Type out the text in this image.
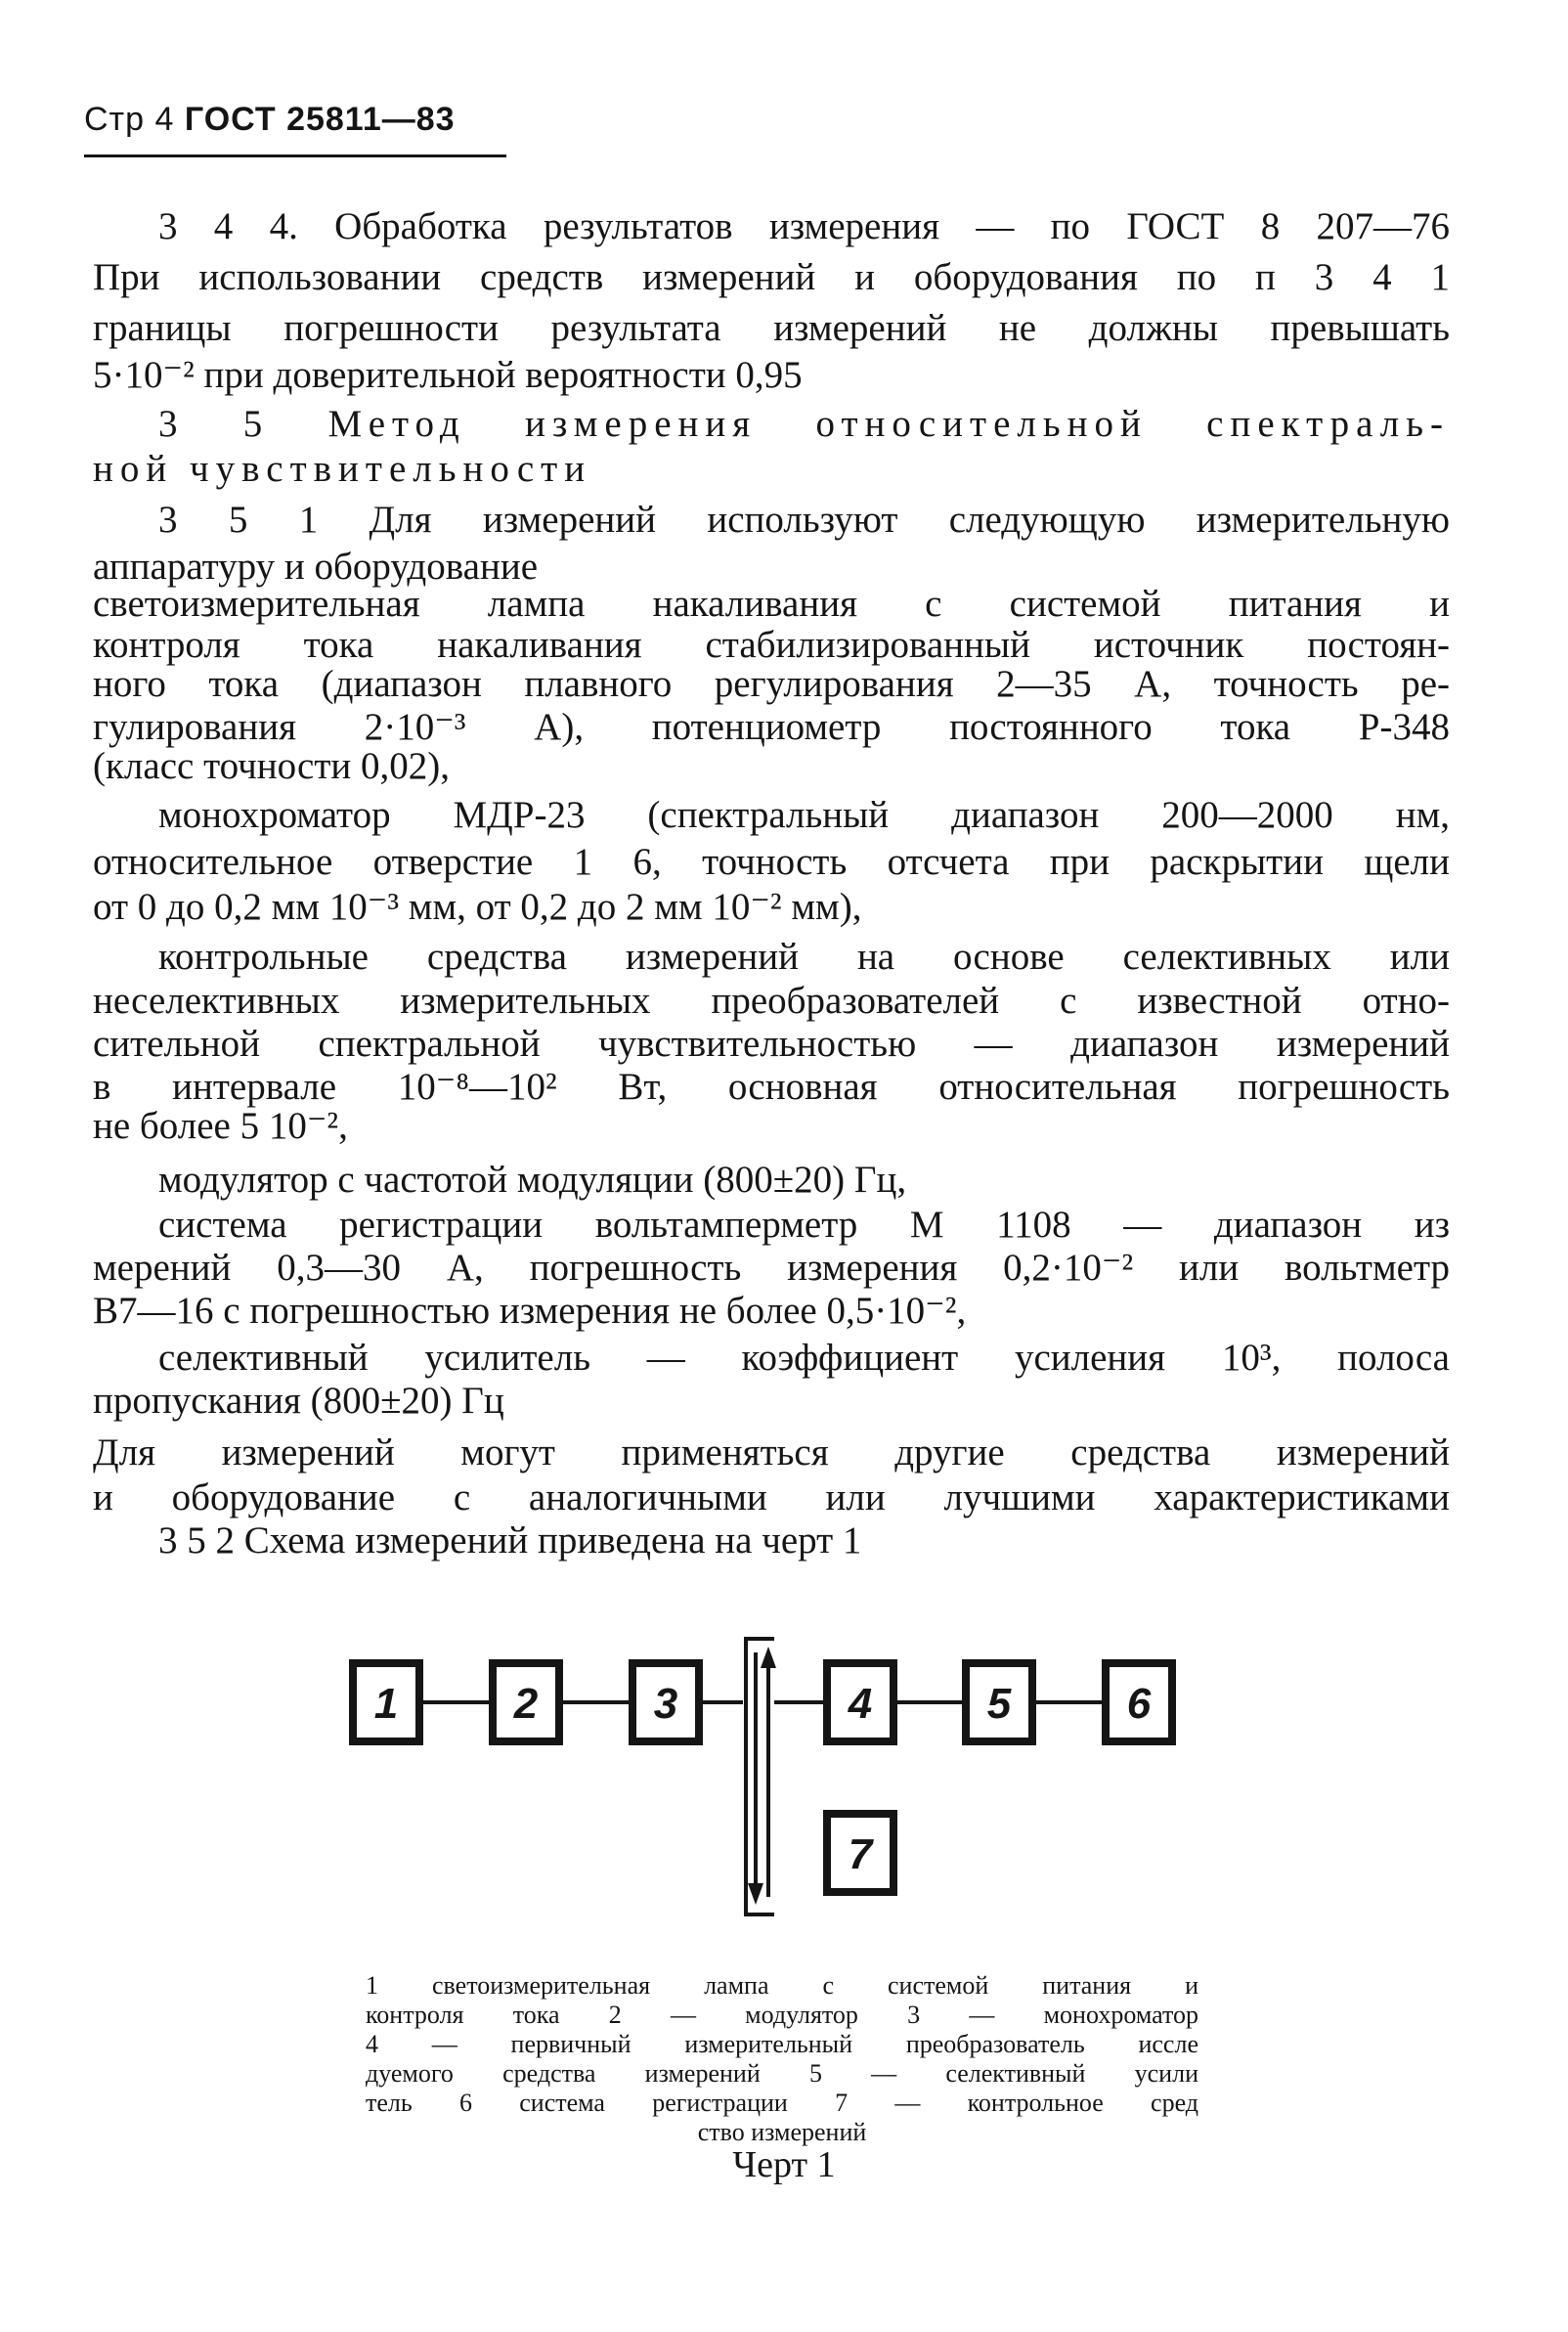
Стр 4 ГОСТ 25811—83
3 4 4. Обработка результатов измерения — по ГОСТ 8 207—76
При использовании средств измерений и оборудования по п 3 4 1
границы погрешности результата измерений не должны превышать
5·10⁻² при доверительной вероятности 0,95
3 5 Метод измерения относительной спектраль-
ной чувствительности
3 5 1 Для измерений используют следующую измерительную
аппаратуру и оборудование
светоизмерительная лампа накаливания с системой питания и
контроля тока накаливания стабилизированный источник постоян-
ного тока (диапазон плавного регулирования 2—35 А, точность ре-
гулирования 2·10⁻³ А), потенциометр постоянного тока Р-348
(класс точности 0,02),
монохроматор МДР-23 (спектральный диапазон 200—2000 нм,
относительное отверстие 1 6, точность отсчета при раскрытии щели
от 0 до 0,2 мм 10⁻³ мм, от 0,2 до 2 мм 10⁻² мм),
контрольные средства измерений на основе селективных или
неселективных измерительных преобразователей с известной отно-
сительной спектральной чувствительностью — диапазон измерений
в интервале 10⁻⁸—10² Вт, основная относительная погрешность
не более 5 10⁻²,
модулятор с частотой модуляции (800±20) Гц,
система регистрации вольтамперметр М 1108 — диапазон из
мерений 0,3—30 А, погрешность измерения 0,2·10⁻² или вольтметр
В7—16 с погрешностью измерения не более 0,5·10⁻²,
селективный усилитель — коэффициент усиления 10³, полоса
пропускания (800±20) Гц
Для измерений могут применяться другие средства измерений
и оборудование с аналогичными или лучшими характеристиками
3 5 2 Схема измерений приведена на черт 1
1	2	3	4	5	6
7
1 светоизмерительная лампа с системой питания и
контроля тока 2 — модулятор 3 — монохроматор
4 — первичный измерительный преобразователь иссле
дуемого средства измерений 5 — селективный усили
тель 6 система регистрации 7 — контрольное сред
ство измерений
Черт 1
